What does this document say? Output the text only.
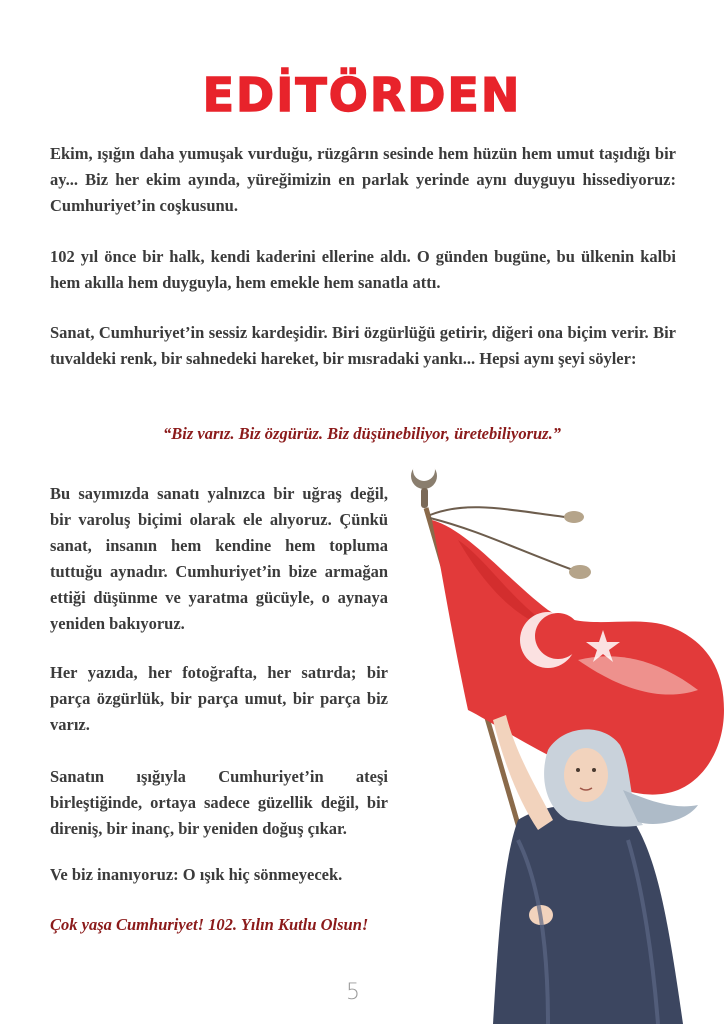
EDİTÖRDEN

Ekim, ışığın daha yumuşak vurduğu, rüzgârın sesinde hem hüzün hem umut taşıdığı bir ay... Biz her ekim ayında, yüreğimizin en parlak yerinde aynı duyguyu hissediyoruz: Cumhuriyet’in coşkusunu.

102 yıl önce bir halk, kendi kaderini ellerine aldı. O günden bugüne, bu ülkenin kalbi hem akılla hem duyguyla, hem emekle hem sanatla attı.

Sanat, Cumhuriyet’in sessiz kardeşidir. Biri özgürlüğü getirir, diğeri ona biçim verir. Bir tuvaldeki renk, bir sahnedeki hareket, bir mısradaki yankı... Hepsi aynı şeyi söyler:

“Biz varız. Biz özgürüz. Biz düşünebiliyor, üretebiliyoruz.”

Bu sayımızda sanatı yalnızca bir uğraş değil, bir varoluş biçimi olarak ele alıyoruz. Çünkü sanat, insanın hem kendine hem topluma tuttuğu aynadır. Cumhuriyet’in bize armağan ettiği düşünme ve yaratma gücüyle, o aynaya yeniden bakıyoruz.

Her yazıda, her fotoğrafta, her satırda; bir parça özgürlük, bir parça umut, bir parça biz varız.

Sanatın ışığıyla Cumhuriyet’in ateşi birleştiğinde, ortaya sadece güzellik değil, bir direniş, bir inanç, bir yeniden doğuş çıkar.

Ve biz inanıyoruz: O ışık hiç sönmeyecek.

Çok yaşa Cumhuriyet! 102. Yılın Kutlu Olsun!

5
